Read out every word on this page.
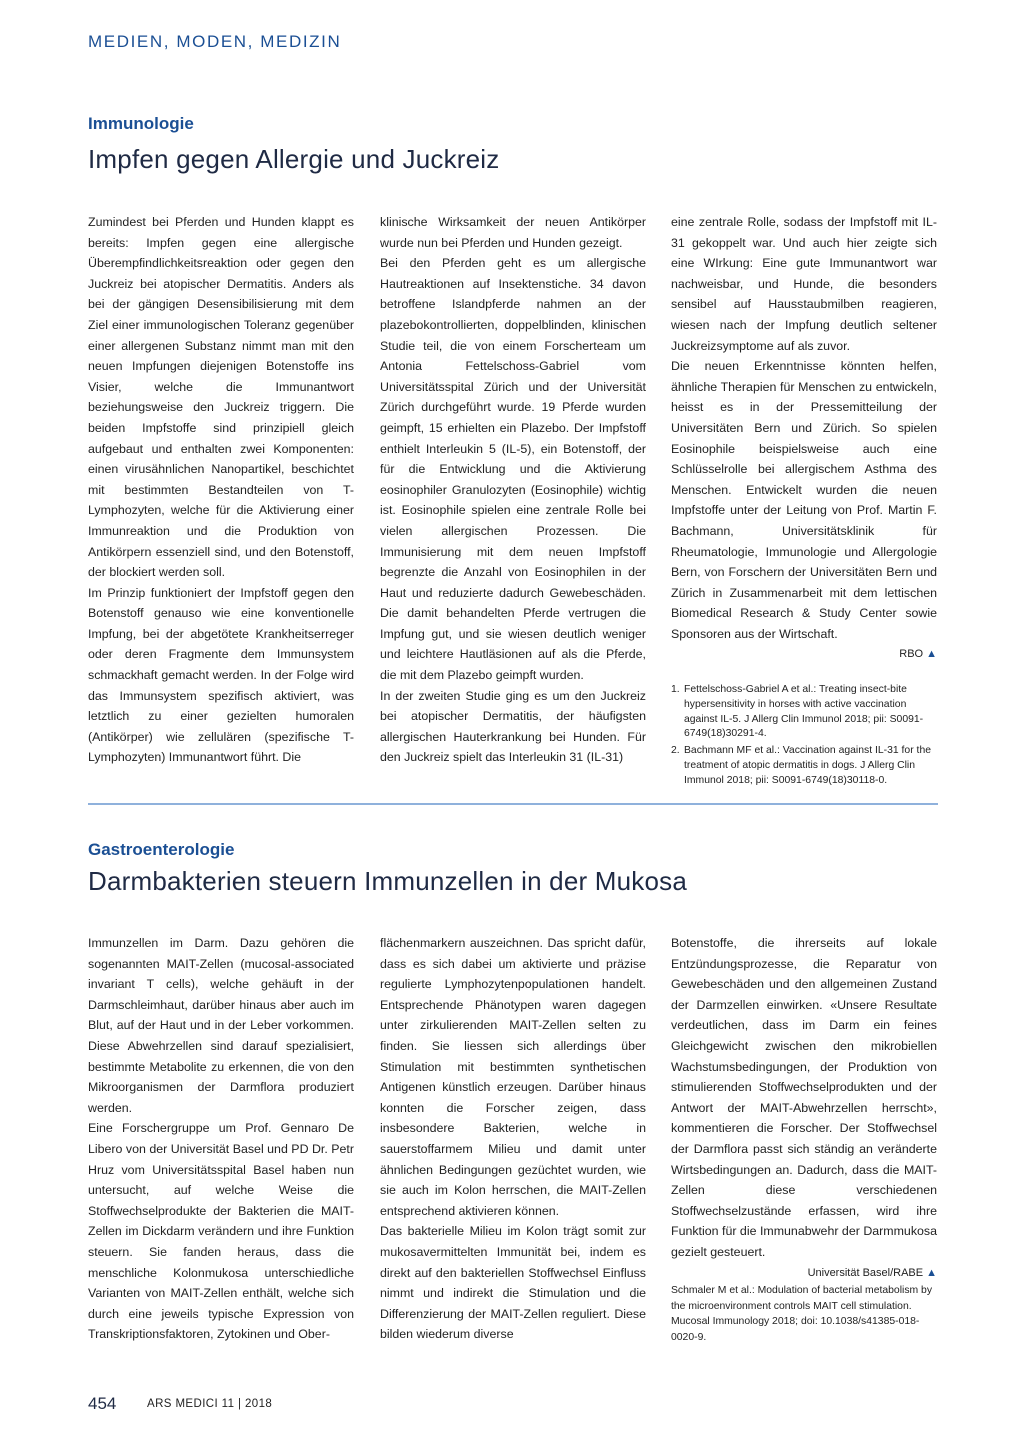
MEDIEN, MODEN, MEDIZIN
Immunologie
Impfen gegen Allergie und Juckreiz

Zumindest bei Pferden und Hunden klappt es bereits: Impfen gegen eine allergische Überempfindlichkeitsreaktion oder gegen den Juckreiz bei atopischer Dermatitis. Anders als bei der gängigen Desensibilisierung mit dem Ziel einer immunologischen Toleranz gegenüber einer allergenen Substanz nimmt man mit den neuen Impfungen diejenigen Botenstoffe ins Visier, welche die Immunantwort beziehungsweise den Juckreiz triggern. Die beiden Impfstoffe sind prinzipiell gleich aufgebaut und enthalten zwei Komponenten: einen virusähnlichen Nanopartikel, beschichtet mit bestimmten Bestandteilen von T-Lymphozyten, welche für die Aktivierung einer Immunreaktion und die Produktion von Antikörpern essenziell sind, und den Botenstoff, der blockiert werden soll.

Im Prinzip funktioniert der Impfstoff gegen den Botenstoff genauso wie eine konventionelle Impfung, bei der abgetötete Krankheitserreger oder deren Fragmente dem Immunsystem schmackhaft gemacht werden. In der Folge wird das Immunsystem spezifisch aktiviert, was letztlich zu einer gezielten humoralen (Antikörper) wie zellulären (spezifische T-Lymphozyten) Immunantwort führt. Die

klinische Wirksamkeit der neuen Antikörper wurde nun bei Pferden und Hunden gezeigt.

Bei den Pferden geht es um allergische Hautreaktionen auf Insektenstiche. 34 davon betroffene Islandpferde nahmen an der plazebokontrollierten, doppelblinden, klinischen Studie teil, die von einem Forscherteam um Antonia Fettelschoss-Gabriel vom Universitätsspital Zürich und der Universität Zürich durchgeführt wurde. 19 Pferde wurden geimpft, 15 erhielten ein Plazebo. Der Impfstoff enthielt Interleukin 5 (IL-5), ein Botenstoff, der für die Entwicklung und die Aktivierung eosinophiler Granulozyten (Eosinophile) wichtig ist. Eosinophile spielen eine zentrale Rolle bei vielen allergischen Prozessen. Die Immunisierung mit dem neuen Impfstoff begrenzte die Anzahl von Eosinophilen in der Haut und reduzierte dadurch Gewebeschäden. Die damit behandelten Pferde vertrugen die Impfung gut, und sie wiesen deutlich weniger und leichtere Hautläsionen auf als die Pferde, die mit dem Plazebo geimpft wurden.

In der zweiten Studie ging es um den Juckreiz bei atopischer Dermatitis, der häufigsten allergischen Hauterkrankung bei Hunden. Für den Juckreiz spielt das Interleukin 31 (IL-31)

eine zentrale Rolle, sodass der Impfstoff mit IL-31 gekoppelt war. Und auch hier zeigte sich eine WIrkung: Eine gute Immunantwort war nachweisbar, und Hunde, die besonders sensibel auf Hausstaubmilben reagieren, wiesen nach der Impfung deutlich seltener Juckreizsymptome auf als zuvor.

Die neuen Erkenntnisse könnten helfen, ähnliche Therapien für Menschen zu entwickeln, heisst es in der Pressemitteilung der Universitäten Bern und Zürich. So spielen Eosinophile beispielsweise auch eine Schlüsselrolle bei allergischem Asthma des Menschen. Entwickelt wurden die neuen Impfstoffe unter der Leitung von Prof. Martin F. Bachmann, Universitätsklinik für Rheumatologie, Immunologie und Allergologie Bern, von Forschern der Universitäten Bern und Zürich in Zusammenarbeit mit dem lettischen Biomedical Research & Study Center sowie Sponsoren aus der Wirtschaft.

RBO ▲
1. Fettelschoss-Gabriel A et al.: Treating insect-bite hypersensitivity in horses with active vaccination against IL-5. J Allerg Clin Immunol 2018; pii: S0091-6749(18)30291-4.
2. Bachmann MF et al.: Vaccination against IL-31 for the treatment of atopic dermatitis in dogs. J Allerg Clin Immunol 2018; pii: S0091-6749(18)30118-0.
Gastroenterologie
Darmbakterien steuern Immunzellen in der Mukosa

Immunzellen im Darm. Dazu gehören die sogenannten MAIT-Zellen (mucosal-associated invariant T cells), welche gehäuft in der Darmschleimhaut, darüber hinaus aber auch im Blut, auf der Haut und in der Leber vorkommen. Diese Abwehrzellen sind darauf spezialisiert, bestimmte Metabolite zu erkennen, die von den Mikroorganismen der Darmflora produziert werden.

Eine Forschergruppe um Prof. Gennaro De Libero von der Universität Basel und PD Dr. Petr Hruz vom Universitätsspital Basel haben nun untersucht, auf welche Weise die Stoffwechselprodukte der Bakterien die MAIT-Zellen im Dickdarm verändern und ihre Funktion steuern. Sie fanden heraus, dass die menschliche Kolonmukosa unterschiedliche Varianten von MAIT-Zellen enthält, welche sich durch eine jeweils typische Expression von Transkriptionsfaktoren, Zytokinen und Ober-

flächenmarkern auszeichnen. Das spricht dafür, dass es sich dabei um aktivierte und präzise regulierte Lymphozytenpopulationen handelt. Entsprechende Phänotypen waren dagegen unter zirkulierenden MAIT-Zellen selten zu finden. Sie liessen sich allerdings über Stimulation mit bestimmten synthetischen Antigenen künstlich erzeugen. Darüber hinaus konnten die Forscher zeigen, dass insbesondere Bakterien, welche in sauerstoffarmem Milieu und damit unter ähnlichen Bedingungen gezüchtet wurden, wie sie auch im Kolon herrschen, die MAIT-Zellen entsprechend aktivieren können.

Das bakterielle Milieu im Kolon trägt somit zur mukosavermittelten Immunität bei, indem es direkt auf den bakteriellen Stoffwechsel Einfluss nimmt und indirekt die Stimulation und die Differenzierung der MAIT-Zellen reguliert. Diese bilden wiederum diverse

Botenstoffe, die ihrerseits auf lokale Entzündungsprozesse, die Reparatur von Gewebeschäden und den allgemeinen Zustand der Darmzellen einwirken. «Unsere Resultate verdeutlichen, dass im Darm ein feines Gleichgewicht zwischen den mikrobiellen Wachstumsbedingungen, der Produktion von stimulierenden Stoffwechselprodukten und der Antwort der MAIT-Abwehrzellen herrscht», kommentieren die Forscher. Der Stoffwechsel der Darmflora passt sich ständig an veränderte Wirtsbedingungen an. Dadurch, dass die MAIT-Zellen diese verschiedenen Stoffwechselzustände erfassen, wird ihre Funktion für die Immunabwehr der Darmmukosa gezielt gesteuert.

Universität Basel/RABE ▲

Schmaler M et al.: Modulation of bacterial metabolism by the microenvironment controls MAIT cell stimulation. Mucosal Immunology 2018; doi: 10.1038/s41385-018-0020-9.

454	ARS MEDICI 11 | 2018
